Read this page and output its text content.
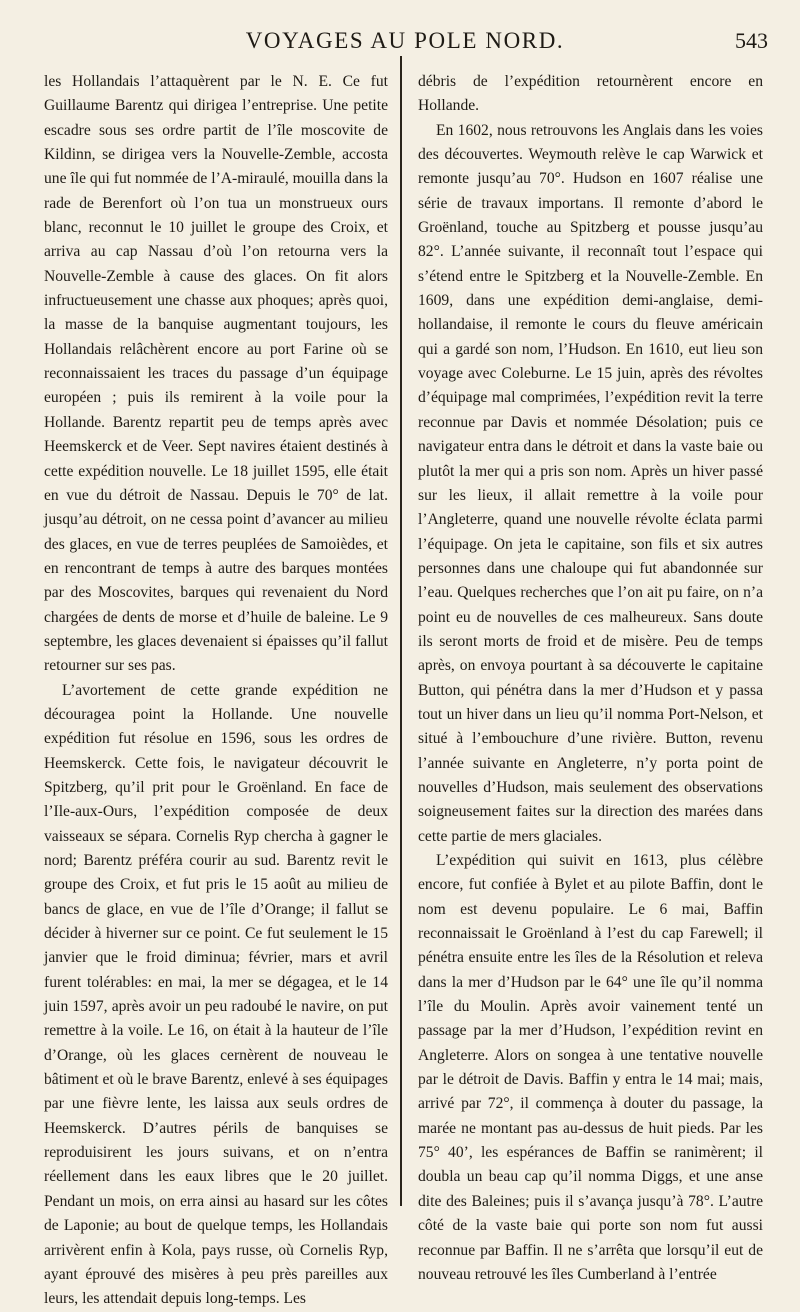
VOYAGES AU POLE NORD.	543

les Hollandais l’attaquèrent par le N. E. Ce fut Guillaume Barentz qui dirigea l’entreprise. Une petite escadre sous ses ordre partit de l’île moscovite de Kildinn, se dirigea vers la Nouvelle-Zemble, accosta une île qui fut nommée de l’A-miraulé, mouilla dans la rade de Berenfort où l’on tua un monstrueux ours blanc, reconnut le 10 juillet le groupe des Croix, et arriva au cap Nassau d’où l’on retourna vers la Nouvelle-Zemble à cause des glaces. On fit alors infructueusement une chasse aux phoques; après quoi, la masse de la banquise augmentant toujours, les Hollandais relâchèrent encore au port Farine où se reconnaissaient les traces du passage d’un équipage européen ; puis ils remirent à la voile pour la Hollande. Barentz repartit peu de temps après avec Heemskerck et de Veer. Sept navires étaient destinés à cette expédition nouvelle. Le 18 juillet 1595, elle était en vue du détroit de Nassau. Depuis le 70° de lat. jusqu’au détroit, on ne cessa point d’avancer au milieu des glaces, en vue de terres peuplées de Samoièdes, et en rencontrant de temps à autre des barques montées par des Moscovites, barques qui revenaient du Nord chargées de dents de morse et d’huile de baleine. Le 9 septembre, les glaces devenaient si épaisses qu’il fallut retourner sur ses pas.

L’avortement de cette grande expédition ne découragea point la Hollande. Une nouvelle expédition fut résolue en 1596, sous les ordres de Heemskerck. Cette fois, le navigateur découvrit le Spitzberg, qu’il prit pour le Groënland. En face de l’Ile-aux-Ours, l’expédition composée de deux vaisseaux se sépara. Cornelis Ryp chercha à gagner le nord; Barentz préféra courir au sud. Barentz revit le groupe des Croix, et fut pris le 15 août au milieu de bancs de glace, en vue de l’île d’Orange; il fallut se décider à hiverner sur ce point. Ce fut seulement le 15 janvier que le froid diminua; février, mars et avril furent tolérables: en mai, la mer se dégagea, et le 14 juin 1597, après avoir un peu radoubé le navire, on put remettre à la voile. Le 16, on était à la hauteur de l’île d’Orange, où les glaces cernèrent de nouveau le bâtiment et où le brave Barentz, enlevé à ses équipages par une fièvre lente, les laissa aux seuls ordres de Heemskerck. D’autres périls de banquises se reproduisirent les jours suivans, et on n’entra réellement dans les eaux libres que le 20 juillet. Pendant un mois, on erra ainsi au hasard sur les côtes de Laponie; au bout de quelque temps, les Hollandais arrivèrent enfin à Kola, pays russe, où Cornelis Ryp, ayant éprouvé des misères à peu près pareilles aux leurs, les attendait depuis long-temps. Les

débris de l’expédition retournèrent encore en Hollande.

En 1602, nous retrouvons les Anglais dans les voies des découvertes. Weymouth relève le cap Warwick et remonte jusqu’au 70°. Hudson en 1607 réalise une série de travaux importans. Il remonte d’abord le Groënland, touche au Spitzberg et pousse jusqu’au 82°. L’année suivante, il reconnaît tout l’espace qui s’étend entre le Spitzberg et la Nouvelle-Zemble. En 1609, dans une expédition demi-anglaise, demi-hollandaise, il remonte le cours du fleuve américain qui a gardé son nom, l’Hudson. En 1610, eut lieu son voyage avec Coleburne. Le 15 juin, après des révoltes d’équipage mal comprimées, l’expédition revit la terre reconnue par Davis et nommée Désolation; puis ce navigateur entra dans le détroit et dans la vaste baie ou plutôt la mer qui a pris son nom. Après un hiver passé sur les lieux, il allait remettre à la voile pour l’Angleterre, quand une nouvelle révolte éclata parmi l’équipage. On jeta le capitaine, son fils et six autres personnes dans une chaloupe qui fut abandonnée sur l’eau. Quelques recherches que l’on ait pu faire, on n’a point eu de nouvelles de ces malheureux. Sans doute ils seront morts de froid et de misère. Peu de temps après, on envoya pourtant à sa découverte le capitaine Button, qui pénétra dans la mer d’Hudson et y passa tout un hiver dans un lieu qu’il nomma Port-Nelson, et situé à l’embouchure d’une rivière. Button, revenu l’année suivante en Angleterre, n’y porta point de nouvelles d’Hudson, mais seulement des observations soigneusement faites sur la direction des marées dans cette partie de mers glaciales.

L’expédition qui suivit en 1613, plus célèbre encore, fut confiée à Bylet et au pilote Baffin, dont le nom est devenu populaire. Le 6 mai, Baffin reconnaissait le Groënland à l’est du cap Farewell; il pénétra ensuite entre les îles de la Résolution et releva dans la mer d’Hudson par le 64° une île qu’il nomma l’île du Moulin. Après avoir vainement tenté un passage par la mer d’Hudson, l’expédition revint en Angleterre. Alors on songea à une tentative nouvelle par le détroit de Davis. Baffin y entra le 14 mai; mais, arrivé par 72°, il commença à douter du passage, la marée ne montant pas au-dessus de huit pieds. Par les 75° 40’, les espérances de Baffin se ranimèrent; il doubla un beau cap qu’il nomma Diggs, et une anse dite des Baleines; puis il s’avança jusqu’à 78°. L’autre côté de la vaste baie qui porte son nom fut aussi reconnue par Baffin. Il ne s’arrêta que lorsqu’il eut de nouveau retrouvé les îles Cumberland à l’entrée
